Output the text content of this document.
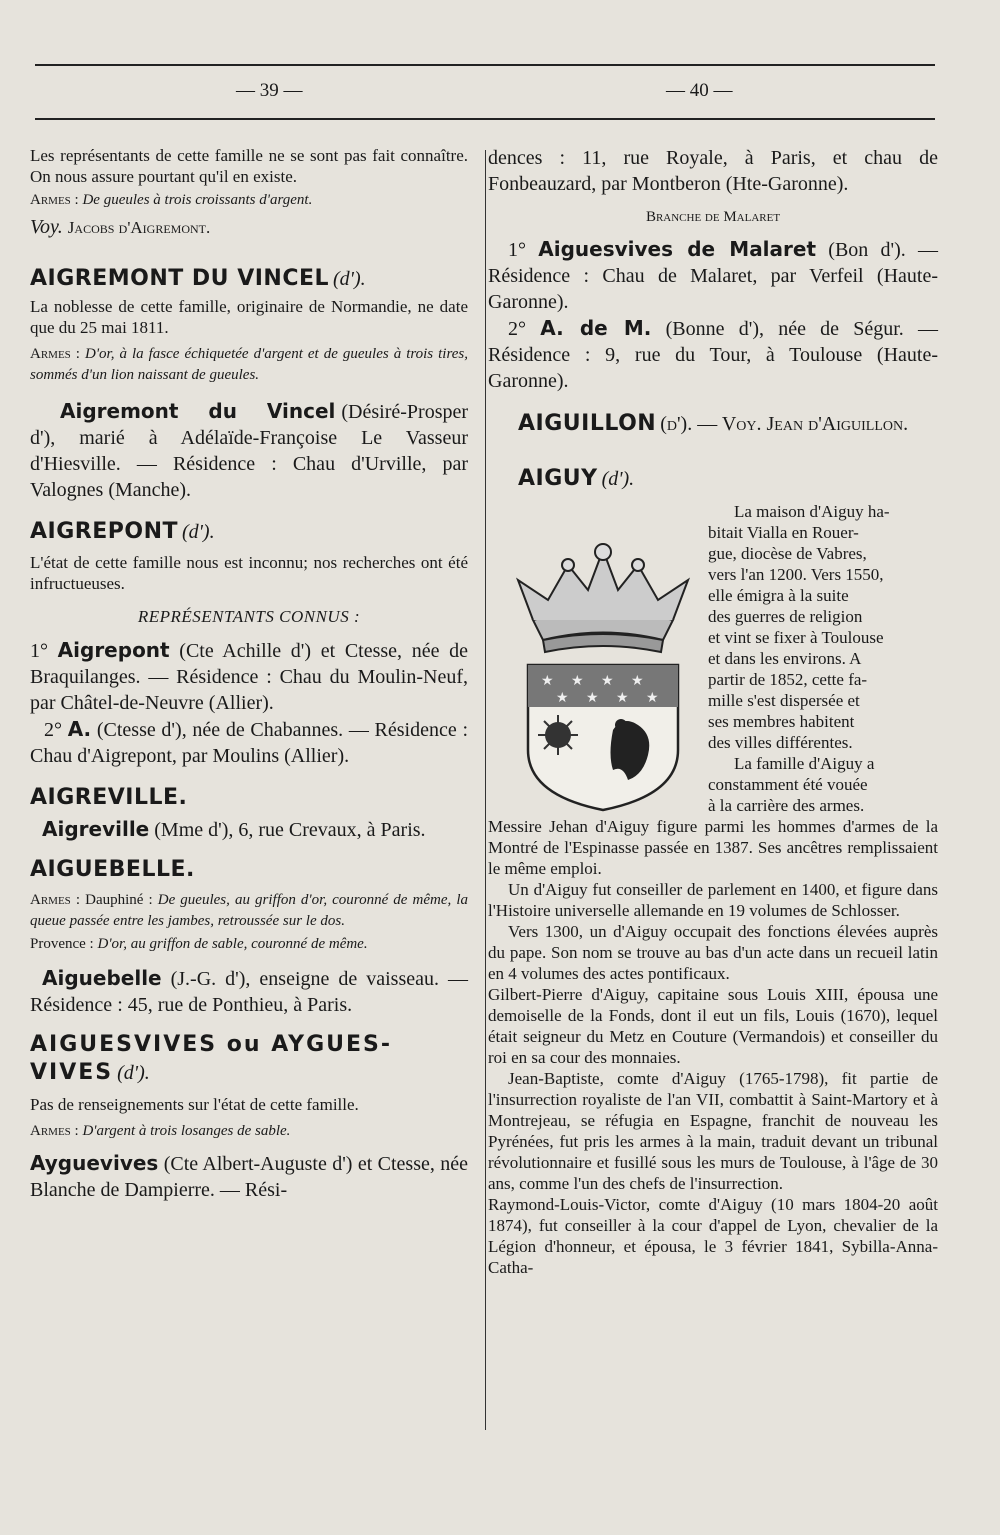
— 39 —	— 40 —

Les représentants de cette famille ne se sont pas fait connaître. On nous assure pourtant qu'il en existe.

Armes : De gueules à trois croissants d'argent.

Voy. Jacobs d'Aigremont.

AIGREMONT DU VINCEL (d').

La noblesse de cette famille, originaire de Normandie, ne date que du 25 mai 1811.

Armes : D'or, à la fasce échiquetée d'argent et de gueules à trois tires, sommés d'un lion naissant de gueules.

Aigremont du Vincel (Désiré-Prosper d'), marié à Adélaïde-Françoise Le Vasseur d'Hiesville. — Résidence : Chau d'Urville, par Valognes (Manche).

AIGREPONT (d').

L'état de cette famille nous est inconnu; nos recherches ont été infructueuses.

REPRÉSENTANTS CONNUS :

1° Aigrepont (Cte Achille d') et Ctesse, née de Braquilanges. — Résidence : Chau du Moulin-Neuf, par Châtel-de-Neuvre (Allier).

2° A. (Ctesse d'), née de Chabannes. — Résidence : Chau d'Aigrepont, par Moulins (Allier).

AIGREVILLE.

Aigreville (Mme d'), 6, rue Crevaux, à Paris.

AIGUEBELLE.

Armes : Dauphiné : De gueules, au griffon d'or, couronné de même, la queue passée entre les jambes, retroussée sur le dos.

Provence : D'or, au griffon de sable, couronné de même.

Aiguebelle (J.-G. d'), enseigne de vaisseau. — Résidence : 45, rue de Ponthieu, à Paris.

AIGUESVIVES ou AYGUES-VIVES (d').

Pas de renseignements sur l'état de cette famille.

Armes : D'argent à trois losanges de sable.

Ayguevives (Cte Albert-Auguste d') et Ctesse, née Blanche de Dampierre. — Rési-

dences : 11, rue Royale, à Paris, et chau de Fonbeauzard, par Montberon (Hte-Garonne).

Branche de Malaret

1° Aiguesvives de Malaret (Bon d'). — Résidence : Chau de Malaret, par Verfeil (Haute-Garonne).

2° A. de M. (Bonne d'), née de Ségur. — Résidence : 9, rue du Tour, à Toulouse (Haute-Garonne).

AIGUILLON (d'). — Voy. Jean d'Aiguillon.

AIGUY (d').

La maison d'Aiguy ha-
bitait Vialla en Rouer-
gue, diocèse de Vabres,
vers l'an 1200. Vers 1550,
elle émigra à la suite
des guerres de religion
et vint se fixer à Toulouse
et dans les environs. A
partir de 1852, cette fa-
mille s'est dispersée et
ses membres habitent
des villes différentes.
La famille d'Aiguy a
constamment été vouée
à la carrière des armes.

Messire Jehan d'Aiguy figure parmi les hommes d'armes de la Montré de l'Espinasse passée en 1387. Ses ancêtres remplissaient le même emploi.

Un d'Aiguy fut conseiller de parlement en 1400, et figure dans l'Histoire universelle allemande en 19 volumes de Schlosser.

Vers 1300, un d'Aiguy occupait des fonctions élevées auprès du pape. Son nom se trouve au bas d'un acte dans un recueil latin en 4 volumes des actes pontificaux.

Gilbert-Pierre d'Aiguy, capitaine sous Louis XIII, épousa une demoiselle de la Fonds, dont il eut un fils, Louis (1670), lequel était seigneur du Metz en Couture (Vermandois) et conseiller du roi en sa cour des monnaies.

Jean-Baptiste, comte d'Aiguy (1765-1798), fit partie de l'insurrection royaliste de l'an VII, combattit à Saint-Martory et à Montrejeau, se réfugia en Espagne, franchit de nouveau les Pyrénées, fut pris les armes à la main, traduit devant un tribunal révolutionnaire et fusillé sous les murs de Toulouse, à l'âge de 30 ans, comme l'un des chefs de l'insurrection.

Raymond-Louis-Victor, comte d'Aiguy (10 mars 1804-20 août 1874), fut conseiller à la cour d'appel de Lyon, chevalier de la Légion d'honneur, et épousa, le 3 février 1841, Sybilla-Anna-Catha-

★ ★ ★ ★
★ ★ ★ ★
